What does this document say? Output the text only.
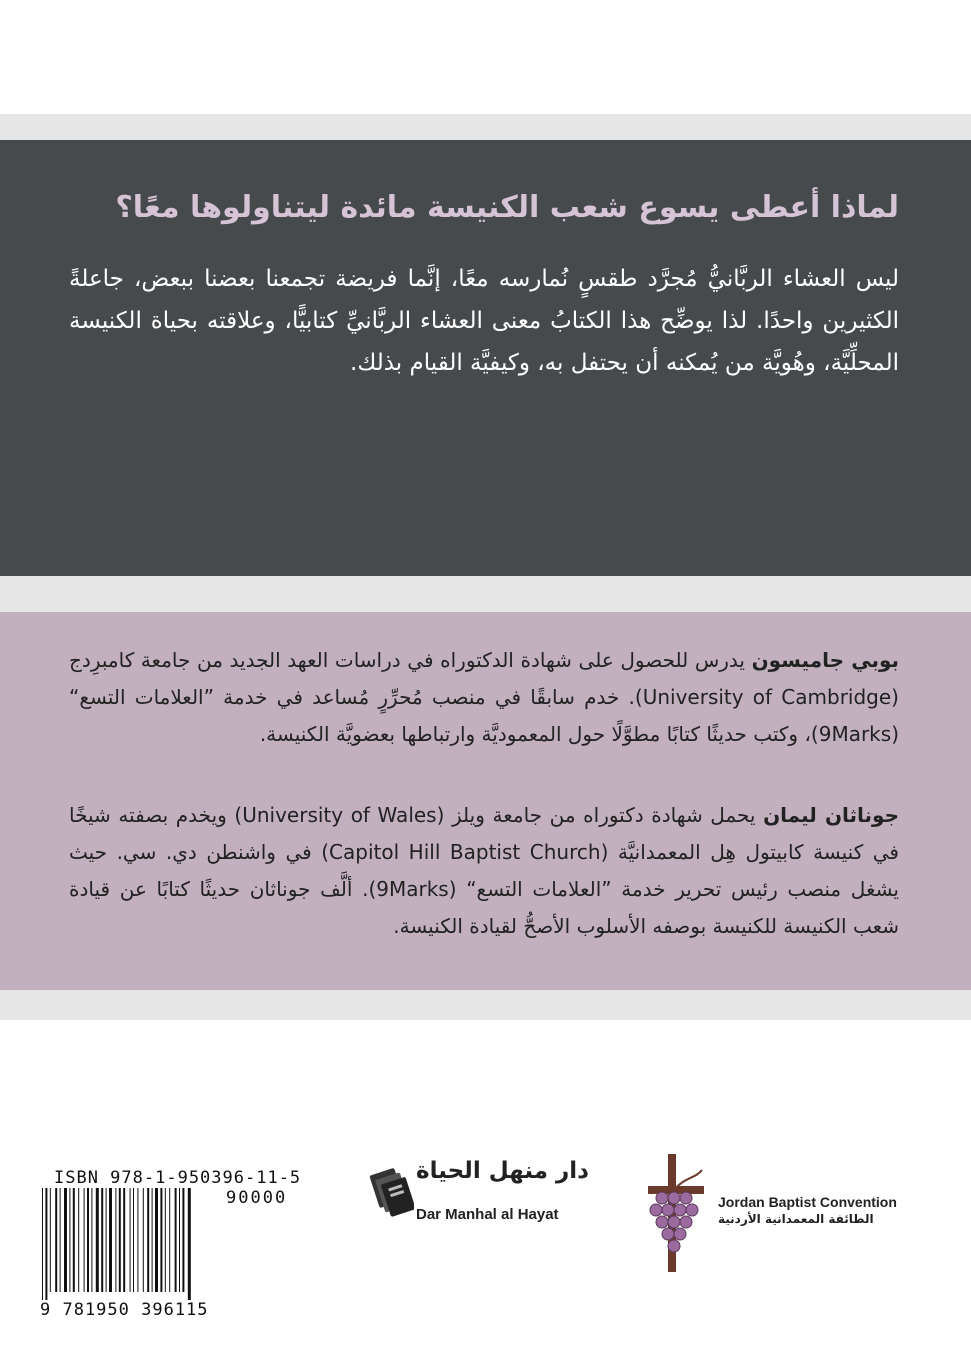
لماذا أعطى يسوع شعب الكنيسة مائدة ليتناولوها معًا؟

ليس العشاء الربَّانيُّ مُجرَّد طقسٍ نُمارسه معًا، إنَّما فريضة تجمعنا بعضنا ببعض، جاعلةً الكثيرين واحدًا. لذا يوضِّح هذا الكتابُ معنى العشاء الربَّانيِّ كتابيًّا، وعلاقته بحياة الكنيسة المحلِّيَّة، وهُويَّة من يُمكنه أن يحتفل به، وكيفيَّة القيام بذلك.

بوبي جاميسون يدرس للحصول على شهادة الدكتوراه في دراسات العهد الجديد من جامعة كامبرِدج (University of Cambridge). خدم سابقًا في منصب مُحرِّرٍ مُساعد في خدمة ”العلامات التسع“ (9Marks)، وكتب حديثًا كتابًا مطوَّلًا حول المعموديَّة وارتباطها بعضويَّة الكنيسة.

جوناثان ليمان يحمل شهادة دكتوراه من جامعة ويلز (University of Wales) ويخدم بصفته شيخًا في كنيسة كابيتول هِل المعمدانيَّة (Capitol Hill Baptist Church) في واشنطن دي. سي. حيث يشغل منصب رئيس تحرير خدمة ”العلامات التسع“ (9Marks). ألَّف جوناثان حديثًا كتابًا عن قيادة شعب الكنيسة للكنيسة بوصفه الأسلوب الأصحُّ لقيادة الكنيسة.

ISBN 978-1-950396-11-5
90000
9 781950 396115
دار منهل الحياة
Dar Manhal al Hayat
Jordan Baptist Convention
الطائفة المعمدانية الأردنية
